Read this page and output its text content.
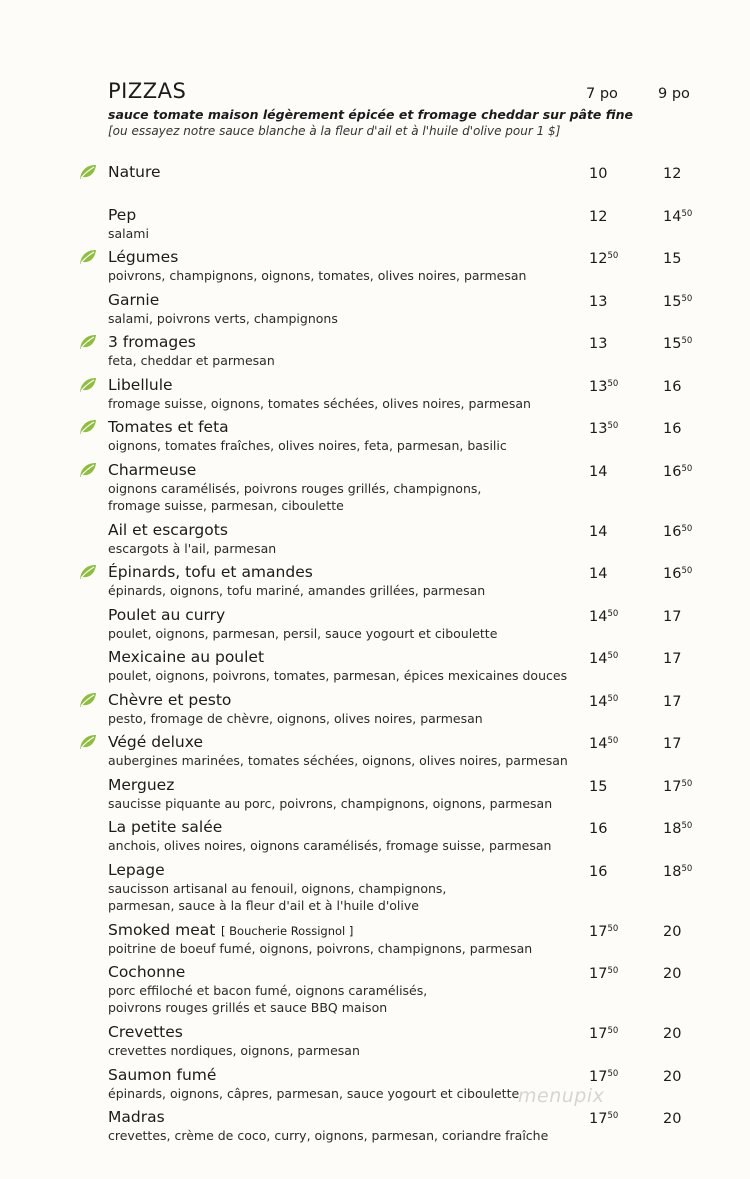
PIZZAS
sauce tomate maison légèrement épicée et fromage cheddar sur pâte fine
[ou essayez notre sauce blanche à la fleur d'ail et à l'huile d'olive pour 1 $]
7 po	9 po
Nature	10	12
Pep
salami
12	$14^{50}$
Légumes
poivrons, champignons, oignons, tomates, olives noires, parmesan
$12^{50}$	15
Garnie
salami, poivrons verts, champignons
13	$15^{50}$
3 fromages
feta, cheddar et parmesan
13	$15^{50}$
Libellule
fromage suisse, oignons, tomates séchées, olives noires, parmesan
$13^{50}$	16
Tomates et feta
oignons, tomates fraîches, olives noires, feta, parmesan, basilic
$13^{50}$	16
Charmeuse
oignons caramélisés, poivrons rouges grillés, champignons,
fromage suisse, parmesan, ciboulette
14	$16^{50}$
Ail et escargots
escargots à l'ail, parmesan
14	$16^{50}$
Épinards, tofu et amandes
épinards, oignons, tofu mariné, amandes grillées, parmesan
14	$16^{50}$
Poulet au curry
poulet, oignons, parmesan, persil, sauce yogourt et ciboulette
$14^{50}$	17
Mexicaine au poulet
poulet, oignons, poivrons, tomates, parmesan, épices mexicaines douces
$14^{50}$	17
Chèvre et pesto
pesto, fromage de chèvre, oignons, olives noires, parmesan
$14^{50}$	17
Végé deluxe
aubergines marinées, tomates séchées, oignons, olives noires, parmesan
$14^{50}$	17
Merguez
saucisse piquante au porc, poivrons, champignons, oignons, parmesan
15	$17^{50}$
La petite salée
anchois, olives noires, oignons caramélisés, fromage suisse, parmesan
16	$18^{50}$
Lepage
saucisson artisanal au fenouil, oignons, champignons,
parmesan, sauce à la fleur d'ail et à l'huile d'olive
16	$18^{50}$
Smoked meat [ Boucherie Rossignol ]
poitrine de boeuf fumé, oignons, poivrons, champignons, parmesan
$17^{50}$	20
Cochonne
porc effiloché et bacon fumé, oignons caramélisés,
poivrons rouges grillés et sauce BBQ maison
$17^{50}$	20
Crevettes
crevettes nordiques, oignons, parmesan
$17^{50}$	20
Saumon fumé
épinards, oignons, câpres, parmesan, sauce yogourt et ciboulette
$17^{50}$	20
Madras
crevettes, crème de coco, curry, oignons, parmesan, coriandre fraîche
$17^{50}$	20
menupix
